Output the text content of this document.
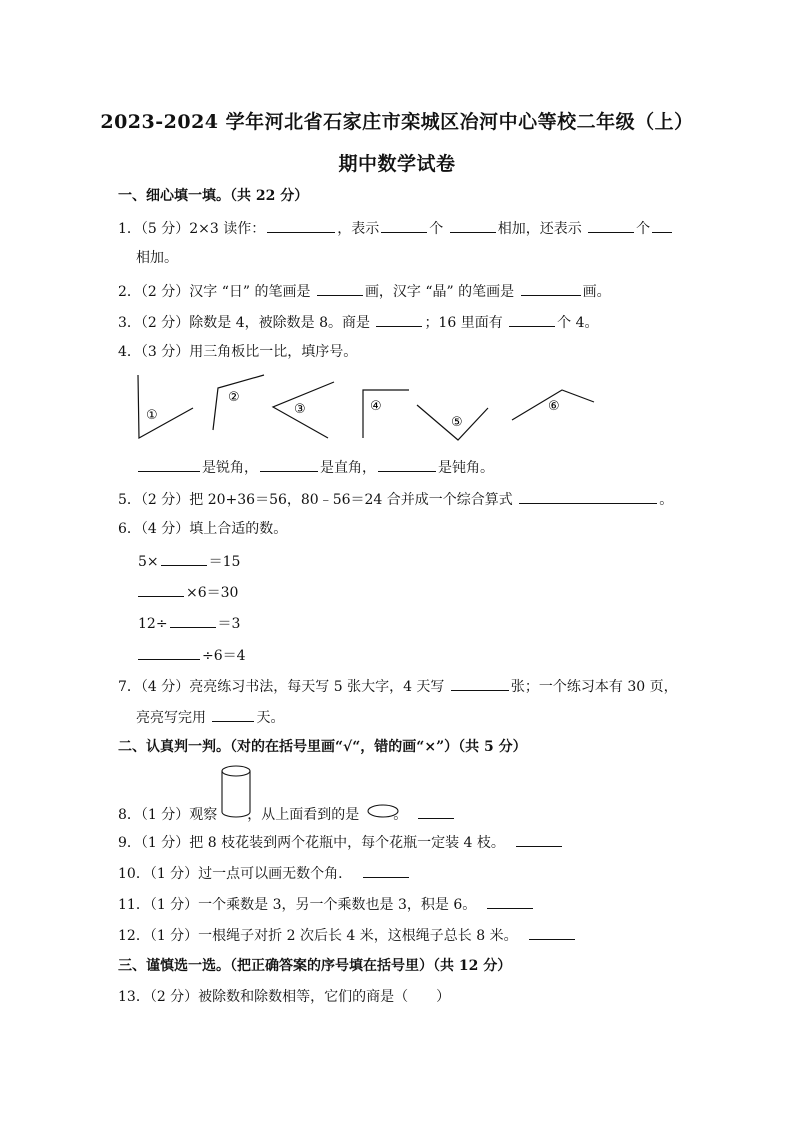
2023-2024 学年河北省石家庄市栾城区冶河中心等校二年级（上）
期中数学试卷
一、细心填一填。（共 22 分）
1．（5 分）2×3 读作：	，表示	个	相加，还表示	个
相加。
2．（2 分）汉字 “日” 的笔画是	画，汉字 “晶” 的笔画是	画。
3．（2 分）除数是 4，被除数是 8。商是	；16 里面有	个 4。
4．（3 分）用三角板比一比，填序号。
①
②
③	④
⑤
⑥
是锐角，	是直角，	是钝角。
5．（2 分）把 20+36＝56，80﹣56＝24 合并成一个综合算式	。
6．（4 分）填上合适的数。
5×	＝15
×6＝30
12÷	＝3
÷6＝4
7．（4 分）亮亮练习书法，每天写 5 张大字，4 天写	张；一个练习本有 30 页，
亮亮写完用	天。
二、认真判一判。（对的在括号里画“√“，错的画“×”）（共 5 分）
8．（1 分）观察 ，从上面看到的是 。
9．（1 分）把 8 枝花装到两个花瓶中，每个花瓶一定装 4 枝。
10．（1 分）过一点可以画无数个角．
11．（1 分）一个乘数是 3，另一个乘数也是 3，积是 6。
12．（1 分）一根绳子对折 2 次后长 4 米，这根绳子总长 8 米。
三、谨慎选一选。（把正确答案的序号填在括号里）（共 12 分）
13．（2 分）被除数和除数相等，它们的商是（　　）
